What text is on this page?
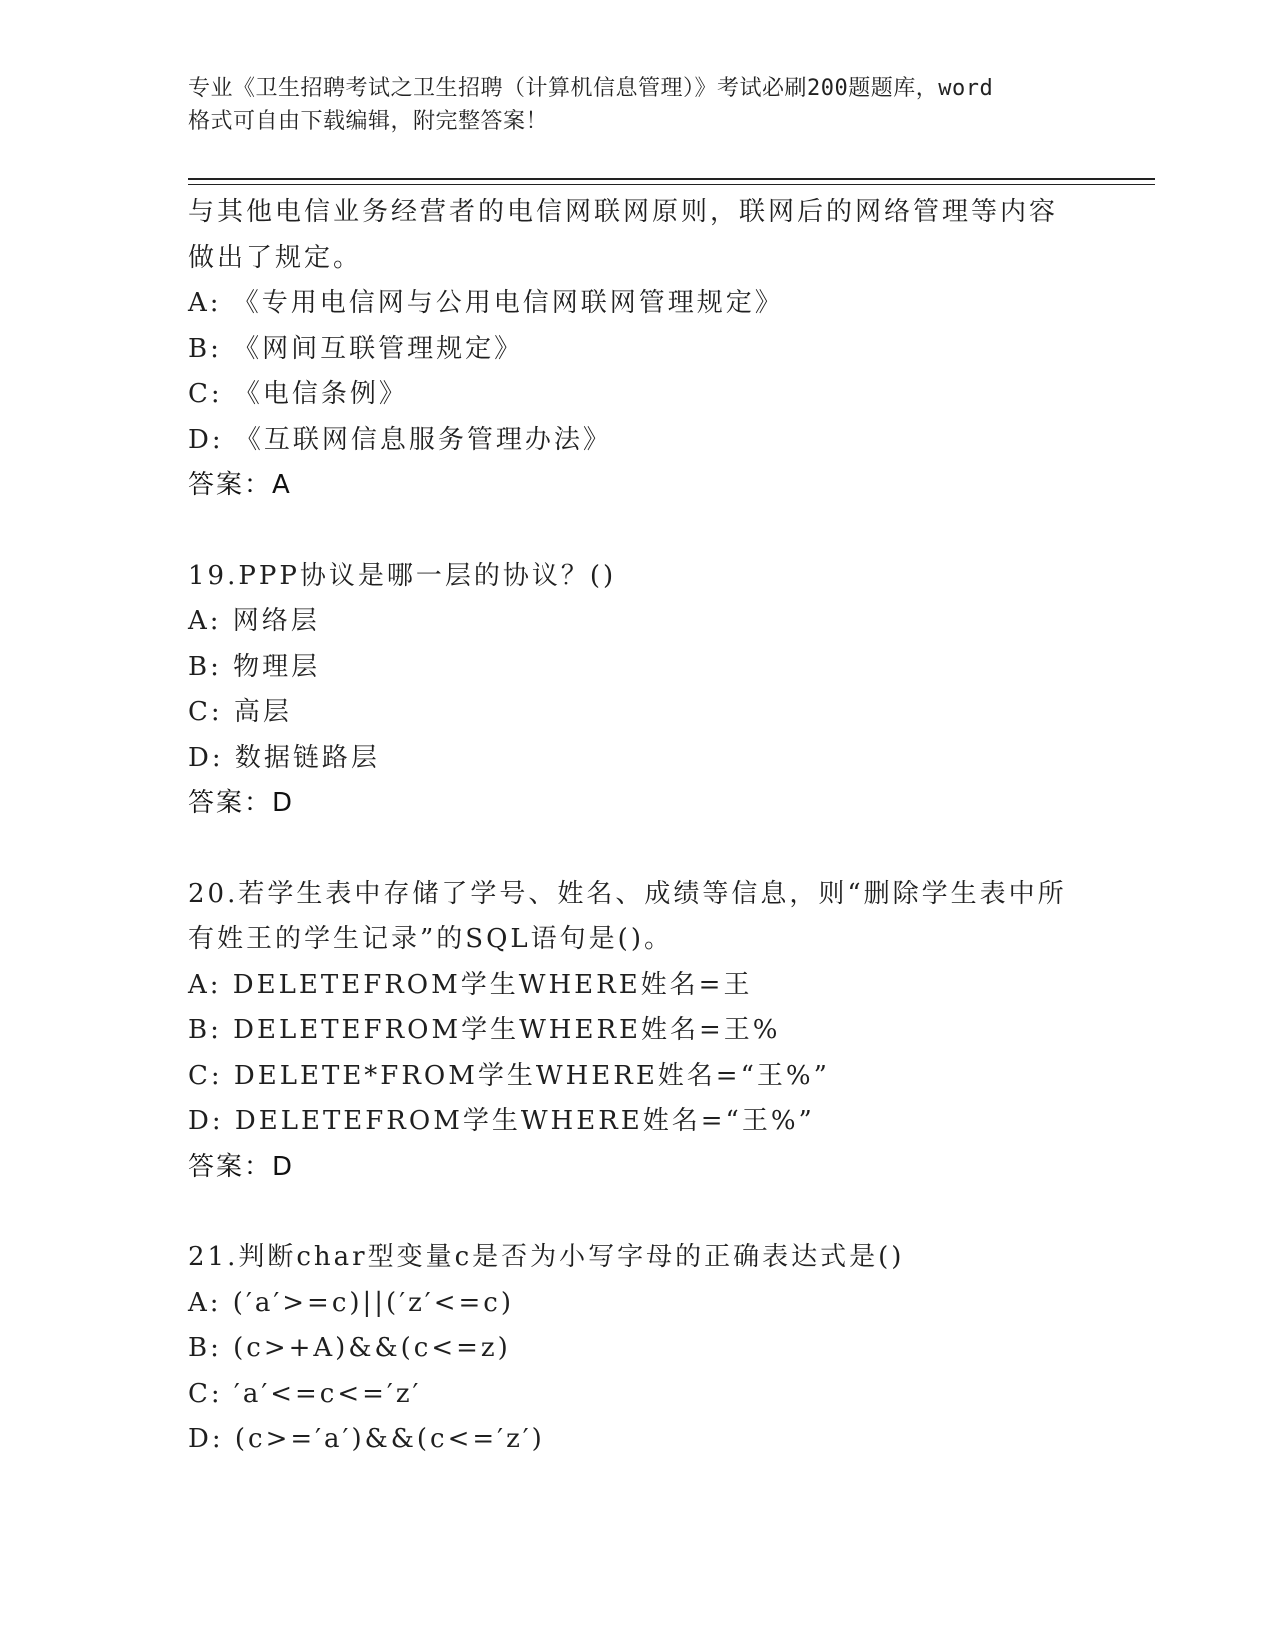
专业《卫生招聘考试之卫生招聘（计算机信息管理）》考试必刷200题题库，word
格式可自由下载编辑，附完整答案！
与其他电信业务经营者的电信网联网原则，联网后的网络管理等内容
做出了规定。
A: 《专用电信网与公用电信网联网管理规定》
B: 《网间互联管理规定》
C: 《电信条例》
D: 《互联网信息服务管理办法》
答案：A
19.PPP协议是哪一层的协议？()
A: 网络层
B: 物理层
C: 高层
D: 数据链路层
答案：D
20.若学生表中存储了学号、姓名、成绩等信息，则“删除学生表中所
有姓王的学生记录”的SQL语句是()。
A: DELETEFROM学生WHERE姓名=王
B: DELETEFROM学生WHERE姓名=王%
C: DELETE*FROM学生WHERE姓名=“王%”
D: DELETEFROM学生WHERE姓名=“王%”
答案：D
21.判断char型变量c是否为小写字母的正确表达式是()
A: (′a′>=c)||(′z′<=c)
B: (c>+A)&&(c<=z)
C: ′a′<=c<=′z′
D: (c>=′a′)&&(c<=′z′)
